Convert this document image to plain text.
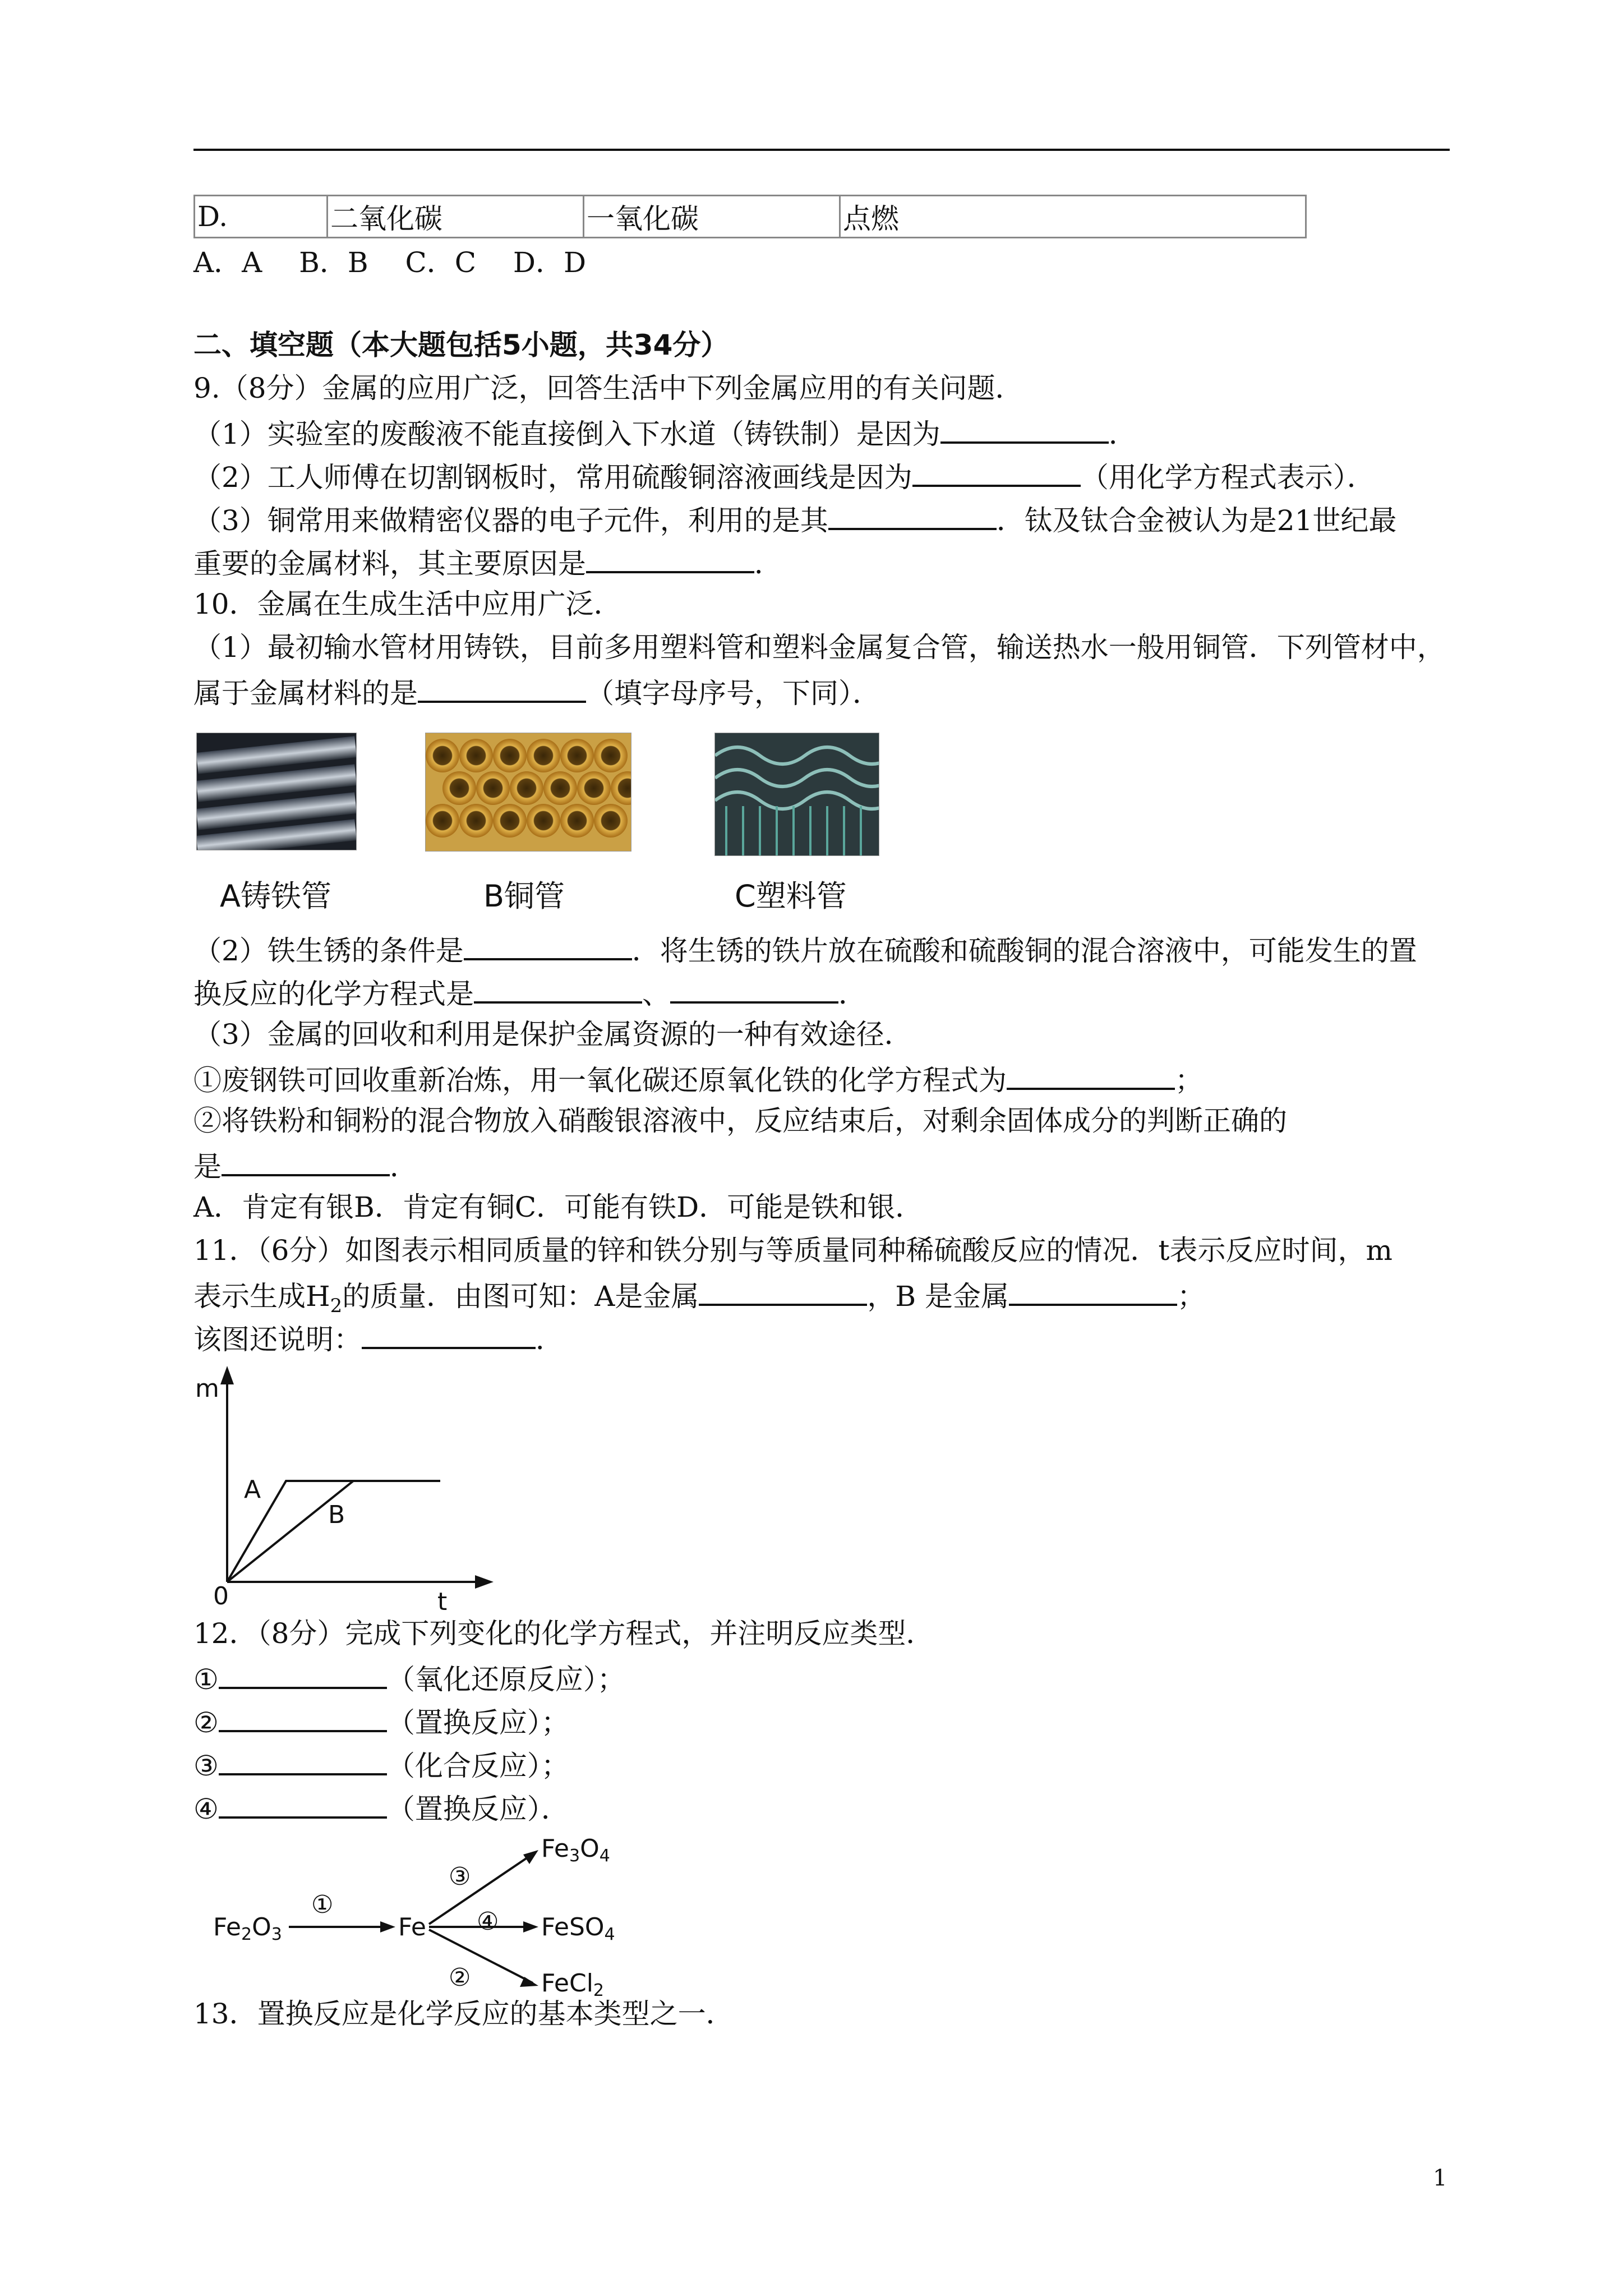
D.	二氧化碳	一氧化碳	点燃
A．A　 B．B　 C．C　 D．D
二、填空题（本大题包括5小题，共34分）
9.（8分）金属的应用广泛，回答生活中下列金属应用的有关问题．
（1）实验室的废酸液不能直接倒入下水道（铸铁制）是因为	．
（2）工人师傅在切割钢板时，常用硫酸铜溶液画线是因为	（用化学方程式表示）．
（3）铜常用来做精密仪器的电子元件，利用的是其	．钛及钛合金被认为是21世纪最
重要的金属材料，其主要原因是	．
10．金属在生成生活中应用广泛．
（1）最初输水管材用铸铁，目前多用塑料管和塑料金属复合管，输送热水一般用铜管．下列管材中，
属于金属材料的是	（填字母序号，下同）．
A铸铁管	B铜管	C塑料管
（2）铁生锈的条件是	．将生锈的铁片放在硫酸和硫酸铜的混合溶液中，可能发生的置
换反应的化学方程式是	、	．
（3）金属的回收和利用是保护金属资源的一种有效途径．
①废钢铁可回收重新冶炼，用一氧化碳还原氧化铁的化学方程式为	；
②将铁粉和铜粉的混合物放入硝酸银溶液中，反应结束后，对剩余固体成分的判断正确的
是	．
A．肯定有银B．肯定有铜C．可能有铁D．可能是铁和银．
11．（6分）如图表示相同质量的锌和铁分别与等质量同种稀硫酸反应的情况．t表示反应时间，m
表示生成$H_2$的质量．由图可知：A是金属	，B 是金属	；
该图还说明：	．
m
t
0
A
B
12．（8分）完成下列变化的化学方程式，并注明反应类型．
①	（氧化还原反应）；
②	（置换反应）；
③	（化合反应）；
④	（置换反应）．
Fe2O3	Fe
Fe3O4
FeSO4
FeCl2
①
②
③
④
13．置换反应是化学反应的基本类型之一．
1
